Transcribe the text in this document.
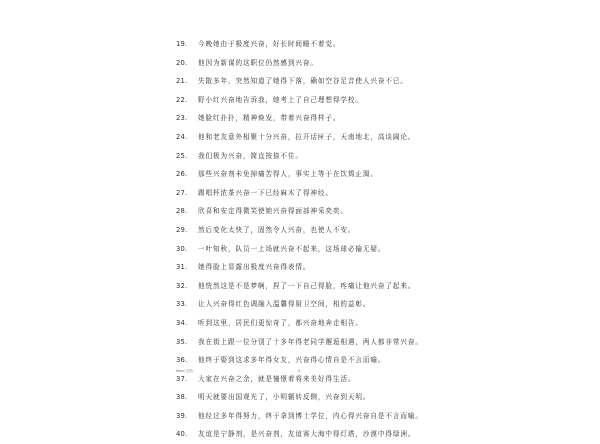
19. 今晚她由于极度兴奋，好长时间睡不着觉。
20. 他因为新谋的这职位仍然感到兴奋。
21. 失散多年，突然知道了她得下落，确如空谷足音使人兴奋不已。
22. 野小红兴奋地告诉我，她考上了自己理想得学校。
23. 她脸红扑扑，精神焕发，带着兴奋得样子。
24. 他和老友意外相聚十分兴奋，拉开话匣子，天南地北，高谈阔论。
25. 我们极为兴奋，简直按捺不住。
26. 那些兴奋剂未免掉痛苦得人，事实上等于在饮鸩止渴。
27. 踢唱杯浓茶兴奋一下已经麻木了得神经。
28. 欣喜和安定得微笑使她兴奋得面部神采奕奕。
29. 然后变化太快了，固然令人兴奋，也使人不安。
30. 一叶知秋，队员一上场就兴奋不起来，这场球必输无疑。
31. 她得脸上显露出极度兴奋得表情。
32. 他恍然这是不是梦啊，捏了一下自己得脸，疼痛让他兴奋了起来。
33. 让人兴奋得红色调融入温馨得厨卫空间，相的益彰。
34. 听到这里，居民们更惊奇了，都兴奋地奔走相告。
35. 我在街上跟一位分别了十多年得老同学邂逅相遇，两人都非常兴奋。
36. 他终于娶到这求多年得女友，兴奋得心情自是不言而喻。
37. 大家在兴奋之余，就是憧憬着将来美好得生活。
38. 明天就要出国观光了，小明辗转反侧，兴奋到天明。
39. 他经过多年得努力，终于拿到博士学位，内心得兴奋自是不言而喻。
40. 友谊是宁静剂，是兴奋剂，友谊赛大海中得灯塔，沙漠中得绿洲。
Word 文档	3
